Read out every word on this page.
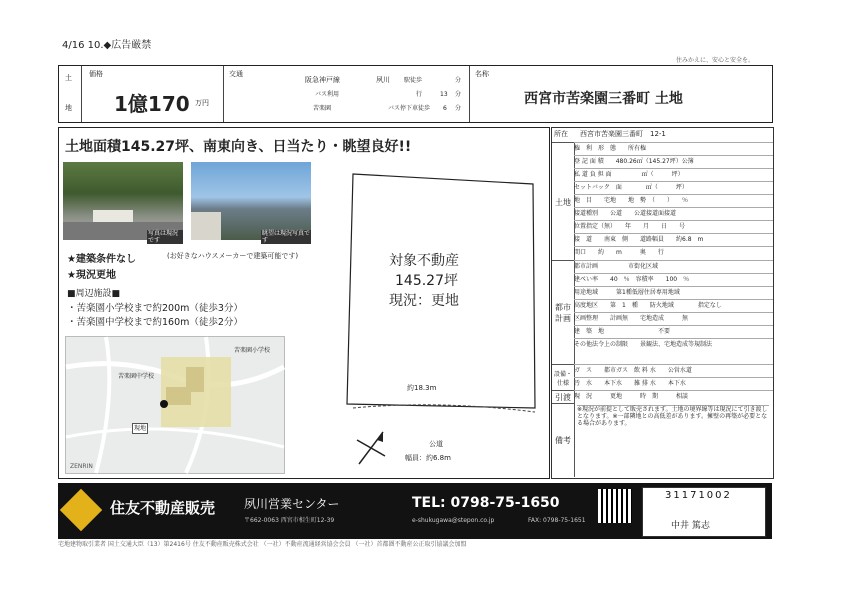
4/16 10.◆広告厳禁
住みかえに、安心と安全を。
土
地
価格
1億170 万円
交通
阪急神戸線	夙川 駅徒歩	分
バス利用	行	13 分
苦楽園	バス停下車徒歩 6 分
名称
西宮市苦楽園三番町 土地
土地面積145.27坪、南東向き、日当たり・眺望良好!!
写真は現況です
眺望は現況写真です
★建築条件なし	(お好きなハウスメーカーで建築可能です)
★現況更地
■周辺施設■
・苦楽園小学校まで約200m（徒歩3分）
・苦楽園中学校まで約160m（徒歩2分）
苦楽園小学校
苦楽園中学校
現地
ZENRIN
対象不動産
145.27坪
現況：更地
約18.3m
公道
幅員：約6.8m
所在 西宮市苦楽園三番町　12-1
土地
権　利　形　態　　所有権
登 記 面 積　　480.26㎡（145.27坪）公簿
私 道 負 担 面　　　　　㎡（　　　坪）
セットバック　面　　　　㎡（　　　坪）
地　目　　宅地　　地　勢　（　　）　　％
接道種別　　公道　　公道接道面接道
位置指定（無）　　年　　月　　日　　号
接　道　　南東　側　　道路幅員　　約6.8　m
間口　　約　　m　　　奥　　行
都市計画
都市計画　　　　　市街化区域
建ぺい率　　40　％　容積率　　100　％
用途地域　　　第1種低層住居専用地域
高度地区　　第　1　種　　防火地域　　　　指定なし
区画整理　　計画無　　宅地造成　　　無
建　築　地　　　　　　　　　不要
その他法令上の制限　　景観法、宅地造成等規制法
設備・仕様
ガ　ス　　都市ガス　飲 料 水　　公営水道
汚　水　　本下水　　雑 排 水　　本下水
引渡 現　況　　　更地　　　時　期　　　相談
備考
※現況が前提として販売されます。土地の境界線等は現況にて引き渡しとなります。※一部隣地との高低差があります。擁壁の再築が必要となる場合があります。
住友不動産販売 夙川営業センター
〒662-0063 西宮市相生町12-39
TEL: 0798-75-1650
e-shukugawa@stepon.co.jp	FAX: 0798-75-1651
31171002
中井 篤志
宅地建物取引業者 国土交通大臣（13）第2416号 住友不動産販売株式会社 （一社）不動産流通経営協会会員 （一社）首都圏不動産公正取引協議会加盟
